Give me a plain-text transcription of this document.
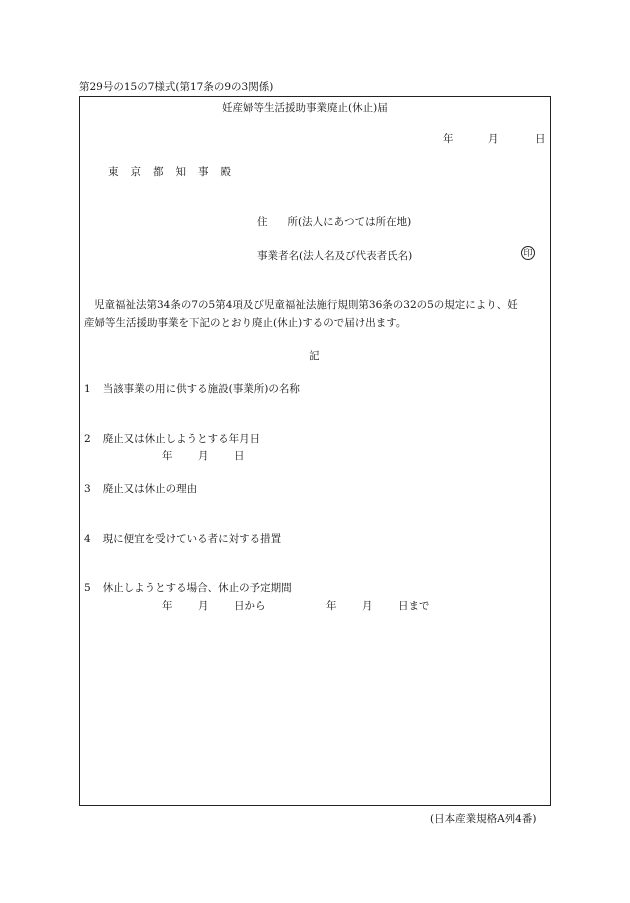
第29号の15の7様式(第17条の9の3関係)
妊産婦等生活援助事業廃止(休止)届
年	月	日
東 京 都 知 事 殿
住 所(法人にあつては所在地)
事業者名(法人名及び代表者氏名)	印
児童福祉法第34条の7の5第4項及び児童福祉法施行規則第36条の32の5の規定により、妊
産婦等生活援助事業を下記のとおり廃止(休止)するので届け出ます。
記
1 当該事業の用に供する施設(事業所)の名称
2 廃止又は休止しようとする年月日
年 月 日
3 廃止又は休止の理由
4 現に便宜を受けている者に対する措置
5 休止しようとする場合、休止の予定期間
年 月 日から	年 月 日まで
(日本産業規格A列4番)
